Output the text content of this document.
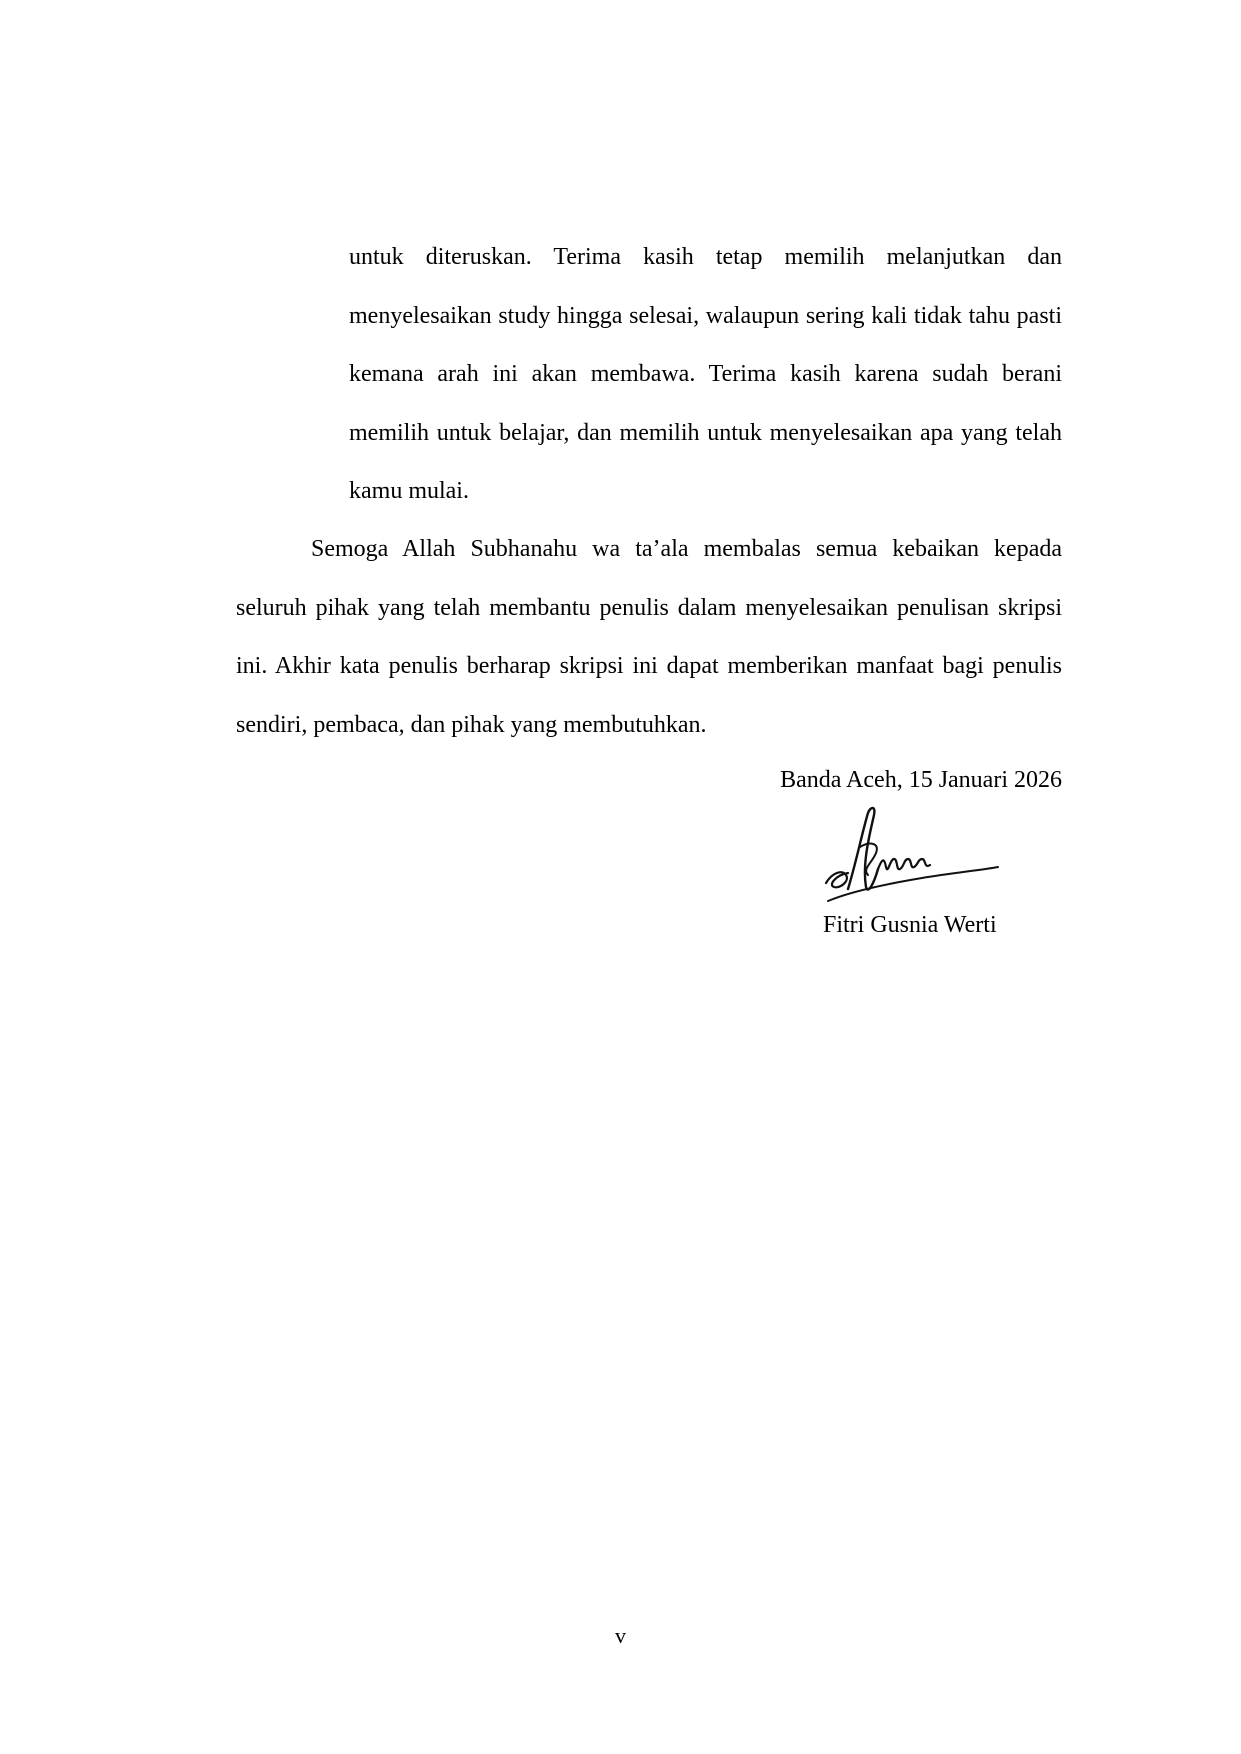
untuk diteruskan. Terima kasih tetap memilih melanjutkan dan menyelesaikan study hingga selesai, walaupun sering kali tidak tahu pasti kemana arah ini akan membawa. Terima kasih karena sudah berani memilih untuk belajar, dan memilih untuk menyelesaikan apa yang telah kamu mulai.

Semoga Allah Subhanahu wa ta’ala membalas semua kebaikan kepada seluruh pihak yang telah membantu penulis dalam menyelesaikan penulisan skripsi ini. Akhir kata penulis berharap skripsi ini dapat memberikan manfaat bagi penulis sendiri, pembaca, dan pihak yang membutuhkan.

Banda Aceh, 15 Januari 2026
Fitri Gusnia Werti
v
